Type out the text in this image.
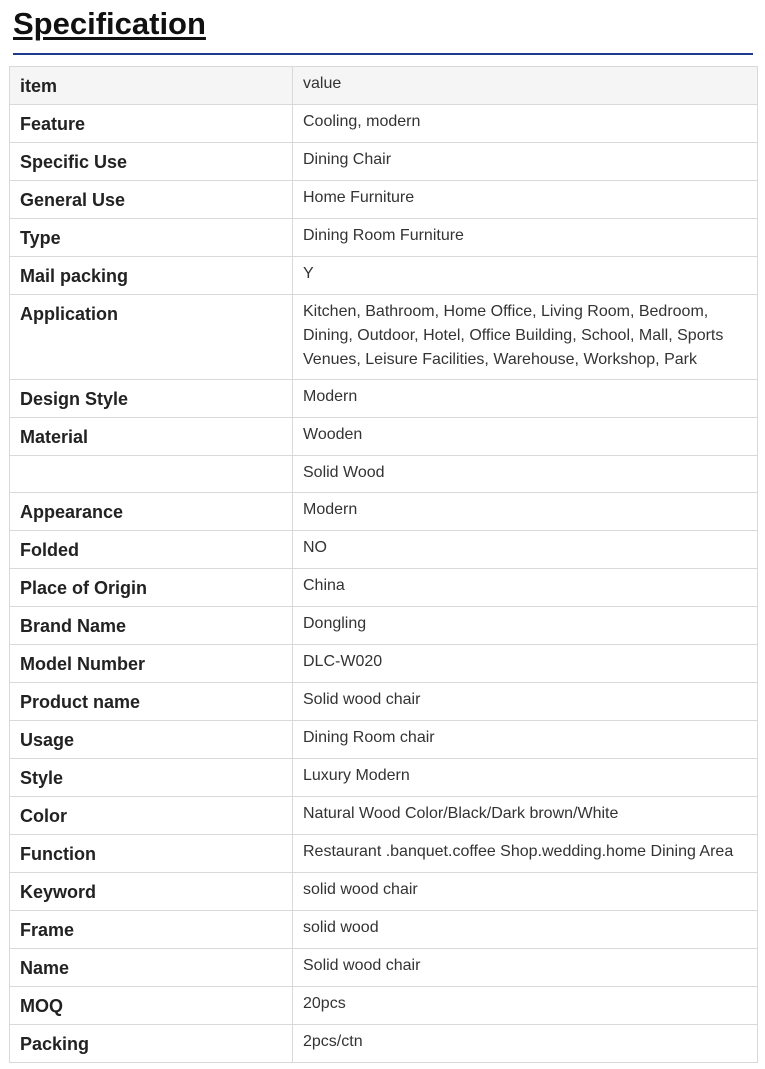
Specification
item	value
Feature	Cooling, modern
Specific Use	Dining Chair
General Use	Home Furniture
Type	Dining Room Furniture
Mail packing	Y
Application	Kitchen, Bathroom, Home Office, Living Room, Bedroom, Dining, Outdoor, Hotel, Office Building, School, Mall, Sports Venues, Leisure Facilities, Warehouse, Workshop, Park
Design Style	Modern
Material	Wooden
	Solid Wood
Appearance	Modern
Folded	NO
Place of Origin	China
Brand Name	Dongling
Model Number	DLC-W020
Product name	Solid wood chair
Usage	Dining Room chair
Style	Luxury Modern
Color	Natural Wood Color/Black/Dark brown/White
Function	Restaurant .banquet.coffee Shop.wedding.home Dining Area
Keyword	solid wood chair
Frame	solid wood
Name	Solid wood chair
MOQ	20pcs
Packing	2pcs/ctn
